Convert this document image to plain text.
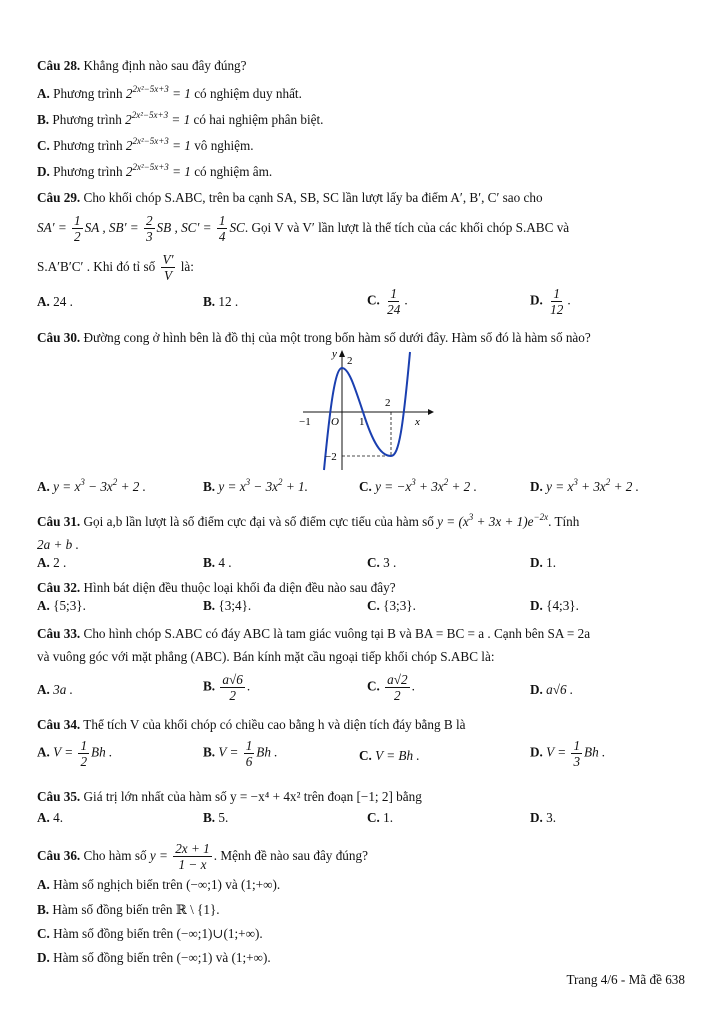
Câu 28. Khẳng định nào sau đây đúng?
A. Phương trình $2^{2x^2-5x+3} = 1$ có nghiệm duy nhất.
B. Phương trình $2^{2x^2-5x+3} = 1$ có hai nghiệm phân biệt.
C. Phương trình $2^{2x^2-5x+3} = 1$ vô nghiệm.
D. Phương trình $2^{2x^2-5x+3} = 1$ có nghiệm âm.
Câu 29. Cho khối chóp S.ABC, trên ba cạnh SA, SB, SC lần lượt lấy ba điểm A′, B′, C′ sao cho
$SA' = \frac{1}{2}$ SA , $SB' = \frac{2}{3}$ SB , $SC' = \frac{1}{4}$ SC. Gọi V và V′ lần lượt là thể tích của các khối chóp S.ABC và
S.A′B′C′ . Khi đó tỉ số $\frac{V'}{V}$ là:
A. 24 .	B. 12 .	C. $\frac{1}{24}$ .	D. $\frac{1}{12}$ .
Câu 30. Đường cong ở hình bên là đồ thị của một trong bốn hàm số dưới đây. Hàm số đó là hàm số nào?
y
2
2
−1 O 1	x
−2
A. $y = x^3 - 3x^2 + 2$ .	B. $y = x^3 - 3x^2 + 1$.	C. $y = -x^3 + 3x^2 + 2$ .	D. $y = x^3 + 3x^2 + 2$ .
Câu 31. Gọi a,b lần lượt là số điểm cực đại và số điểm cực tiểu của hàm số $y = (x^3 + 3x + 1)e^{-2x}$. Tính
2a + b .
A. 2 .	B. 4 .	C. 3 .	D. 1.
Câu 32. Hình bát diện đều thuộc loại khối đa diện đều nào sau đây?
A. {5;3}.	B. {3;4}.	C. {3;3}.	D. {4;3}.
Câu 33. Cho hình chóp S.ABC có đáy ABC là tam giác vuông tại B và BA = BC = a . Cạnh bên SA = 2a
và vuông góc với mặt phẳng (ABC). Bán kính mặt cầu ngoại tiếp khối chóp S.ABC là:
A. 3a .	B. $\frac{a√6}{2}$ .	C. $\frac{a√2}{2}$ .	D. a√6 .
Câu 34. Thể tích V của khối chóp có chiều cao bằng h và diện tích đáy bằng B là
A. $V = \frac{1}{2}$ Bh .	B. $V = \frac{1}{6}$ Bh .	C. V = Bh .	D. $V = \frac{1}{3}$ Bh .
Câu 35. Giá trị lớn nhất của hàm số y = −x⁴ + 4x² trên đoạn [−1; 2] bằng
A. 4.	B. 5.	C. 1.	D. 3.
Câu 36. Cho hàm số $y = \frac{2x + 1}{1 - x}$ . Mệnh đề nào sau đây đúng?
A. Hàm số nghịch biến trên (−∞;1) và (1;+∞).
B. Hàm số đồng biến trên ℝ \ {1}.
C. Hàm số đồng biến trên (−∞;1)∪(1;+∞).
D. Hàm số đồng biến trên (−∞;1) và (1;+∞).
Trang 4/6 - Mã đề 638
